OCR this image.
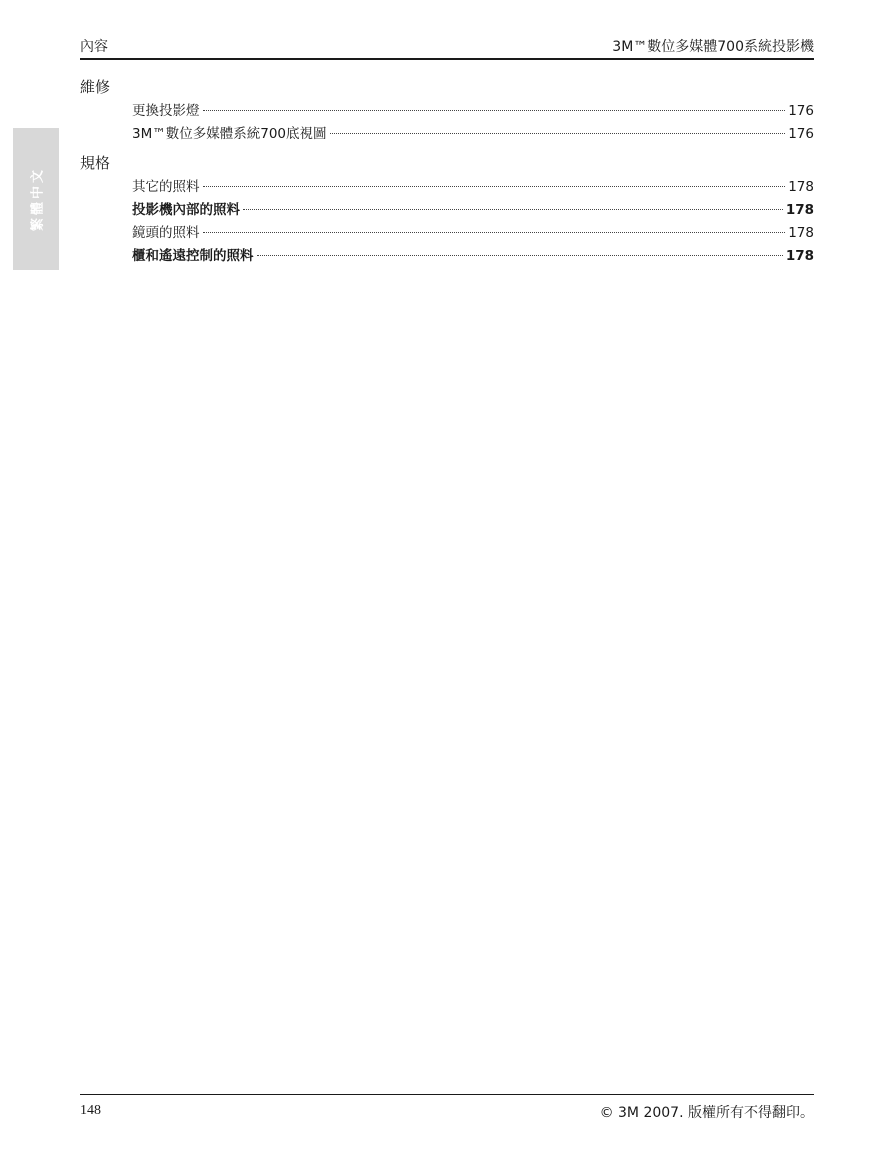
內容	3M™數位多媒體700系統投影機
繁體中文
維修
更換投影燈	176
3M™數位多媒體系統700底視圖	176
規格
其它的照料	178
投影機內部的照料	178
鏡頭的照料	178
櫃和遙遠控制的照料	178
148	© 3M 2007. 版權所有不得翻印。
